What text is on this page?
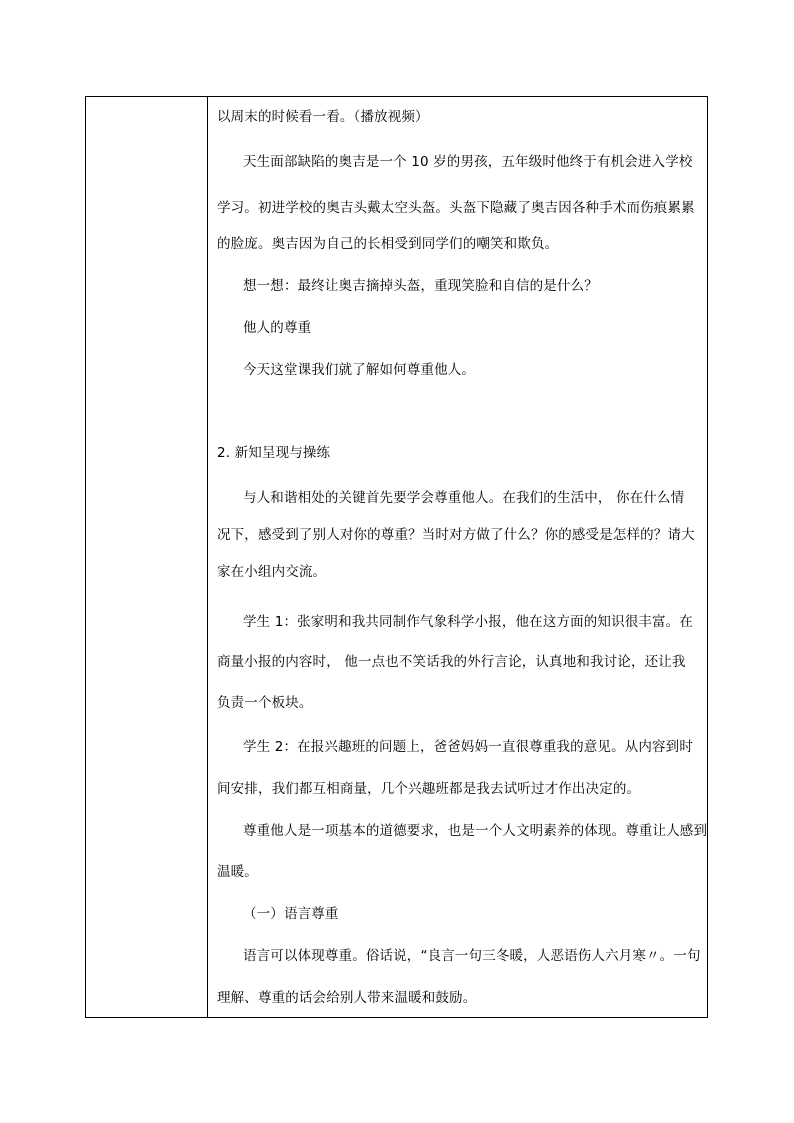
以周末的时候看一看。（播放视频）
天生面部缺陷的奥吉是一个 10 岁的男孩，五年级时他终于有机会进入学校
学习。初进学校的奥吉头戴太空头盔。头盔下隐藏了奥吉因各种手术而伤痕累累
的脸庞。奥吉因为自己的长相受到同学们的嘲笑和欺负。
想一想：最终让奥吉摘掉头盔，重现笑脸和自信的是什么？
他人的尊重
今天这堂课我们就了解如何尊重他人。
2. 新知呈现与操练
与人和谐相处的关键首先要学会尊重他人。在我们的生活中， 你在什么情
况下，感受到了别人对你的尊重？当时对方做了什么？你的感受是怎样的？请大
家在小组内交流。
学生 1：张家明和我共同制作气象科学小报，他在这方面的知识很丰富。在
商量小报的内容时， 他一点也不笑话我的外行言论，认真地和我讨论，还让我
负责一个板块。
学生 2：在报兴趣班的问题上，爸爸妈妈一直很尊重我的意见。从内容到时
间安排，我们都互相商量，几个兴趣班都是我去试听过才作出决定的。
尊重他人是一项基本的道德要求，也是一个人文明素养的体现。尊重让人感到
温暖。
（一）语言尊重
语言可以体现尊重。俗话说，“良言一句三冬暖，人恶语伤人六月寒〃。一句
理解、尊重的话会给别人带来温暖和鼓励。
